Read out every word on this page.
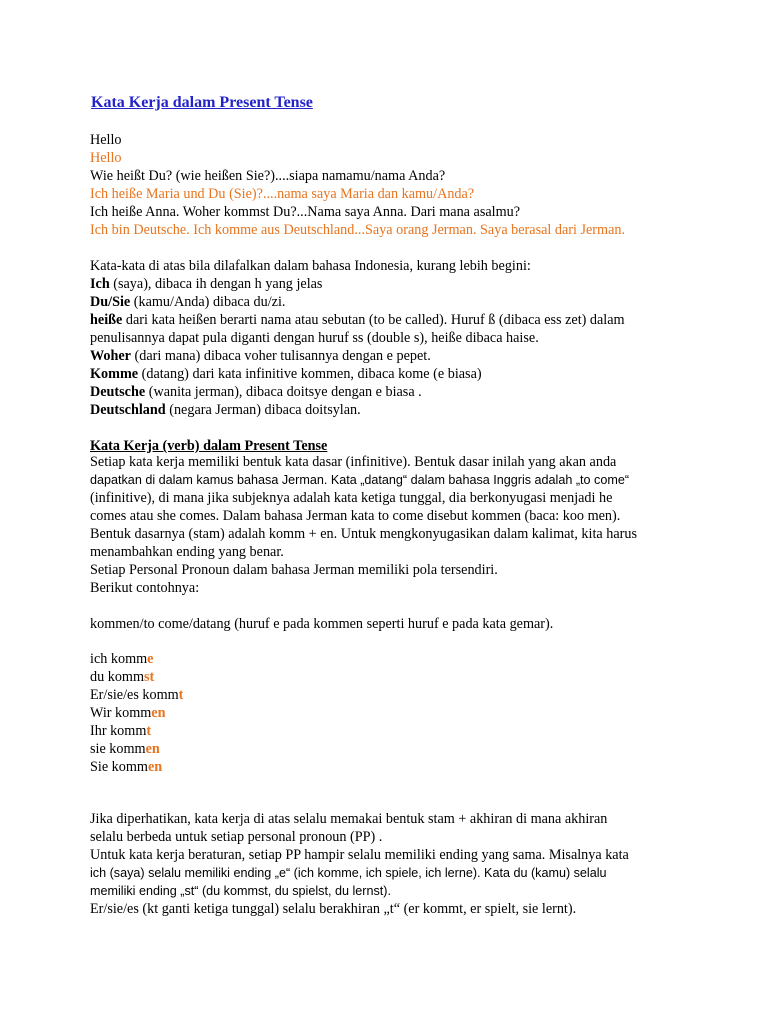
Kata Kerja dalam Present Tense
Hello
Hello
Wie heißt Du? (wie heißen Sie?)....siapa namamu/nama Anda?
Ich heiße Maria und Du (Sie)?....nama saya Maria dan kamu/Anda?
Ich heiße Anna. Woher kommst Du?...Nama saya Anna. Dari mana asalmu?
Ich bin Deutsche. Ich komme aus Deutschland...Saya orang Jerman. Saya berasal dari Jerman.
Kata-kata di atas bila dilafalkan dalam bahasa Indonesia, kurang lebih begini:
Ich (saya), dibaca ih dengan h yang jelas
Du/Sie (kamu/Anda) dibaca du/zi.
heiße dari kata heißen berarti nama atau sebutan (to be called). Huruf ß (dibaca ess zet) dalam
penulisannya dapat pula diganti dengan huruf ss (double s), heiße dibaca haise.
Woher (dari mana) dibaca voher tulisannya dengan e pepet.
Komme (datang) dari kata infinitive kommen, dibaca kome (e biasa)
Deutsche (wanita jerman), dibaca doitsye dengan e biasa .
Deutschland (negara Jerman) dibaca doitsylan.
Kata Kerja (verb) dalam Present Tense
Setiap kata kerja memiliki bentuk kata dasar (infinitive). Bentuk dasar inilah yang akan anda
dapatkan di dalam kamus bahasa Jerman. Kata „datang“ dalam bahasa Inggris adalah „to come“
(infinitive), di mana jika subjeknya adalah kata ketiga tunggal, dia berkonyugasi menjadi he
comes atau she comes. Dalam bahasa Jerman kata to come disebut kommen (baca: koo men).
Bentuk dasarnya (stam) adalah komm + en. Untuk mengkonyugasikan dalam kalimat, kita harus
menambahkan ending yang benar.
Setiap Personal Pronoun dalam bahasa Jerman memiliki pola tersendiri.
Berikut contohnya:
kommen/to come/datang (huruf e pada kommen seperti huruf e pada kata gemar).
ich komme
du kommst
Er/sie/es kommt
Wir kommen
Ihr kommt
sie kommen
Sie kommen
Jika diperhatikan, kata kerja di atas selalu memakai bentuk stam + akhiran di mana akhiran
selalu berbeda untuk setiap personal pronoun (PP) .
Untuk kata kerja beraturan, setiap PP hampir selalu memiliki ending yang sama. Misalnya kata
ich (saya) selalu memiliki ending „e“ (ich komme, ich spiele, ich lerne). Kata du (kamu) selalu
memiliki ending „st“ (du kommst, du spielst, du lernst).
Er/sie/es (kt ganti ketiga tunggal) selalu berakhiran „t“ (er kommt, er spielt, sie lernt).
